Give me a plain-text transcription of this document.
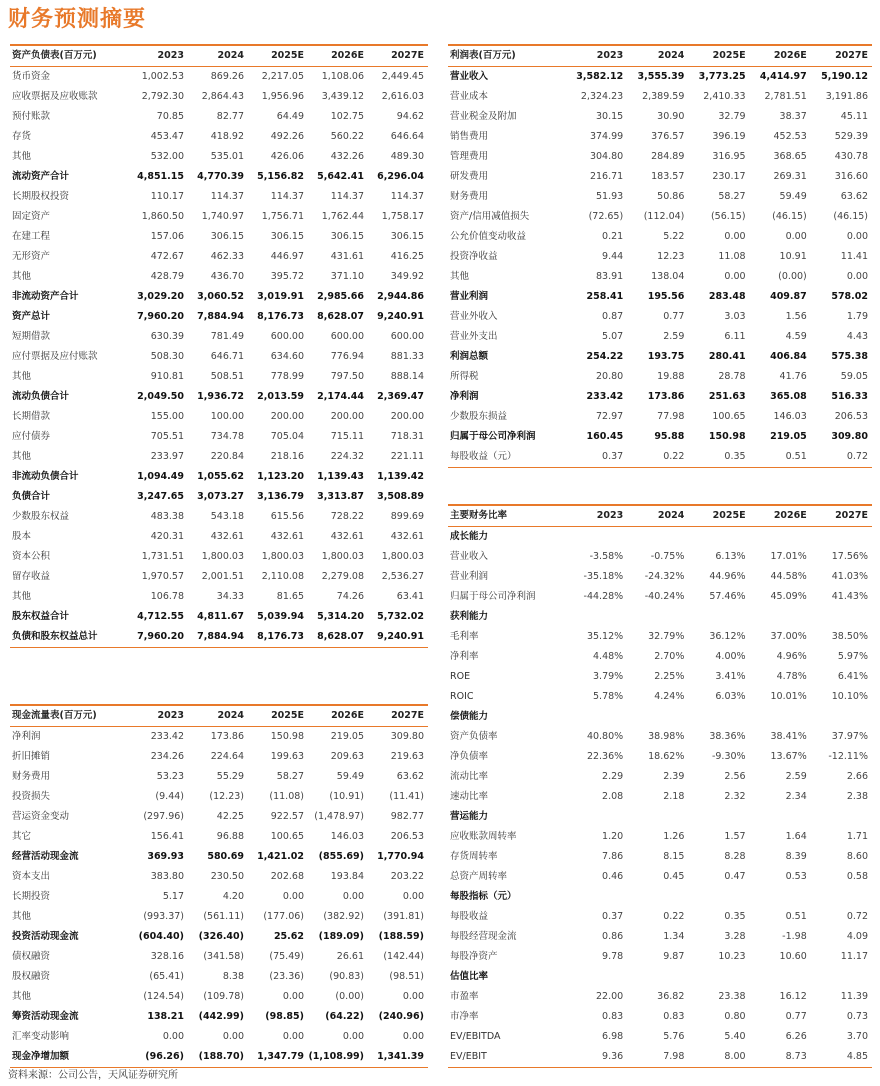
财务预测摘要
资产负债表(百万元)	2023	2024	2025E	2026E	2027E
货币资金	1,002.53	869.26	2,217.05	1,108.06	2,449.45
应收票据及应收账款	2,792.30	2,864.43	1,956.96	3,439.12	2,616.03
预付账款	70.85	82.77	64.49	102.75	94.62
存货	453.47	418.92	492.26	560.22	646.64
其他	532.00	535.01	426.06	432.26	489.30
流动资产合计	4,851.15	4,770.39	5,156.82	5,642.41	6,296.04
长期股权投资	110.17	114.37	114.37	114.37	114.37
固定资产	1,860.50	1,740.97	1,756.71	1,762.44	1,758.17
在建工程	157.06	306.15	306.15	306.15	306.15
无形资产	472.67	462.33	446.97	431.61	416.25
其他	428.79	436.70	395.72	371.10	349.92
非流动资产合计	3,029.20	3,060.52	3,019.91	2,985.66	2,944.86
资产总计	7,960.20	7,884.94	8,176.73	8,628.07	9,240.91
短期借款	630.39	781.49	600.00	600.00	600.00
应付票据及应付账款	508.30	646.71	634.60	776.94	881.33
其他	910.81	508.51	778.99	797.50	888.14
流动负债合计	2,049.50	1,936.72	2,013.59	2,174.44	2,369.47
长期借款	155.00	100.00	200.00	200.00	200.00
应付债券	705.51	734.78	705.04	715.11	718.31
其他	233.97	220.84	218.16	224.32	221.11
非流动负债合计	1,094.49	1,055.62	1,123.20	1,139.43	1,139.42
负债合计	3,247.65	3,073.27	3,136.79	3,313.87	3,508.89
少数股东权益	483.38	543.18	615.56	728.22	899.69
股本	420.31	432.61	432.61	432.61	432.61
资本公积	1,731.51	1,800.03	1,800.03	1,800.03	1,800.03
留存收益	1,970.57	2,001.51	2,110.08	2,279.08	2,536.27
其他	106.78	34.33	81.65	74.26	63.41
股东权益合计	4,712.55	4,811.67	5,039.94	5,314.20	5,732.02
负债和股东权益总计	7,960.20	7,884.94	8,176.73	8,628.07	9,240.91
利润表(百万元)	2023	2024	2025E	2026E	2027E
营业收入	3,582.12	3,555.39	3,773.25	4,414.97	5,190.12
营业成本	2,324.23	2,389.59	2,410.33	2,781.51	3,191.86
营业税金及附加	30.15	30.90	32.79	38.37	45.11
销售费用	374.99	376.57	396.19	452.53	529.39
管理费用	304.80	284.89	316.95	368.65	430.78
研发费用	216.71	183.57	230.17	269.31	316.60
财务费用	51.93	50.86	58.27	59.49	63.62
资产/信用减值损失	(72.65)	(112.04)	(56.15)	(46.15)	(46.15)
公允价值变动收益	0.21	5.22	0.00	0.00	0.00
投资净收益	9.44	12.23	11.08	10.91	11.41
其他	83.91	138.04	0.00	(0.00)	0.00
营业利润	258.41	195.56	283.48	409.87	578.02
营业外收入	0.87	0.77	3.03	1.56	1.79
营业外支出	5.07	2.59	6.11	4.59	4.43
利润总额	254.22	193.75	280.41	406.84	575.38
所得税	20.80	19.88	28.78	41.76	59.05
净利润	233.42	173.86	251.63	365.08	516.33
少数股东损益	72.97	77.98	100.65	146.03	206.53
归属于母公司净利润	160.45	95.88	150.98	219.05	309.80
每股收益（元）	0.37	0.22	0.35	0.51	0.72
现金流量表(百万元)	2023	2024	2025E	2026E	2027E
净利润	233.42	173.86	150.98	219.05	309.80
折旧摊销	234.26	224.64	199.63	209.63	219.63
财务费用	53.23	55.29	58.27	59.49	63.62
投资损失	(9.44)	(12.23)	(11.08)	(10.91)	(11.41)
营运资金变动	(297.96)	42.25	922.57	(1,478.97)	982.77
其它	156.41	96.88	100.65	146.03	206.53
经营活动现金流	369.93	580.69	1,421.02	(855.69)	1,770.94
资本支出	383.80	230.50	202.68	193.84	203.22
长期投资	5.17	4.20	0.00	0.00	0.00
其他	(993.37)	(561.11)	(177.06)	(382.92)	(391.81)
投资活动现金流	(604.40)	(326.40)	25.62	(189.09)	(188.59)
债权融资	328.16	(341.58)	(75.49)	26.61	(142.44)
股权融资	(65.41)	8.38	(23.36)	(90.83)	(98.51)
其他	(124.54)	(109.78)	0.00	(0.00)	0.00
筹资活动现金流	138.21	(442.99)	(98.85)	(64.22)	(240.96)
汇率变动影响	0.00	0.00	0.00	0.00	0.00
现金净增加额	(96.26)	(188.70)	1,347.79	(1,108.99)	1,341.39
主要财务比率	2023	2024	2025E	2026E	2027E
成长能力					
营业收入	-3.58%	-0.75%	6.13%	17.01%	17.56%
营业利润	-35.18%	-24.32%	44.96%	44.58%	41.03%
归属于母公司净利润	-44.28%	-40.24%	57.46%	45.09%	41.43%
获利能力					
毛利率	35.12%	32.79%	36.12%	37.00%	38.50%
净利率	4.48%	2.70%	4.00%	4.96%	5.97%
ROE	3.79%	2.25%	3.41%	4.78%	6.41%
ROIC	5.78%	4.24%	6.03%	10.01%	10.10%
偿债能力					
资产负债率	40.80%	38.98%	38.36%	38.41%	37.97%
净负债率	22.36%	18.62%	-9.30%	13.67%	-12.11%
流动比率	2.29	2.39	2.56	2.59	2.66
速动比率	2.08	2.18	2.32	2.34	2.38
营运能力					
应收账款周转率	1.20	1.26	1.57	1.64	1.71
存货周转率	7.86	8.15	8.28	8.39	8.60
总资产周转率	0.46	0.45	0.47	0.53	0.58
每股指标（元）					
每股收益	0.37	0.22	0.35	0.51	0.72
每股经营现金流	0.86	1.34	3.28	-1.98	4.09
每股净资产	9.78	9.87	10.23	10.60	11.17
估值比率					
市盈率	22.00	36.82	23.38	16.12	11.39
市净率	0.83	0.83	0.80	0.77	0.73
EV/EBITDA	6.98	5.76	5.40	6.26	3.70
EV/EBIT	9.36	7.98	8.00	8.73	4.85
资料来源：公司公告，天风证券研究所
